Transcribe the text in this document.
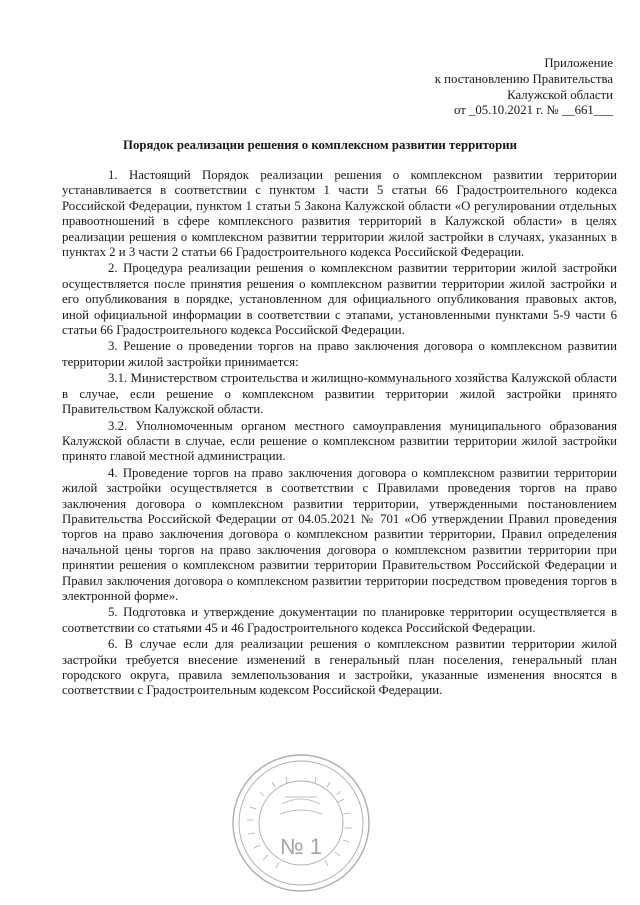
Приложение
к постановлению Правительства
Калужской области
от _05.10.2021 г. № __661___
Порядок реализации решения о комплексном развитии территории

1. Настоящий Порядок реализации решения о комплексном развитии территории устанавливается в соответствии с пунктом 1 части 5 статьи 66 Градостроительного кодекса Российской Федерации, пунктом 1 статьи 5 Закона Калужской области «О регулировании отдельных правоотношений в сфере комплексного развития территорий в Калужской области» в целях реализации решения о комплексном развитии территории жилой застройки в случаях, указанных в пунктах 2 и 3 части 2 статьи 66 Градостроительного кодекса Российской Федерации.

2. Процедура реализации решения о комплексном развитии территории жилой застройки осуществляется после принятия решения о комплексном развитии территории жилой застройки и его опубликования в порядке, установленном для официального опубликования правовых актов, иной официальной информации в соответствии с этапами, установленными пунктами 5-9 части 6 статьи 66 Градостроительного кодекса Российской Федерации.

3. Решение о проведении торгов на право заключения договора о комплексном развитии территории жилой застройки принимается:

3.1. Министерством строительства и жилищно-коммунального хозяйства Калужской области в случае, если решение о комплексном развитии территории жилой застройки принято Правительством Калужской области.

3.2. Уполномоченным органом местного самоуправления муниципального образования Калужской области в случае, если решение о комплексном развитии территории жилой застройки принято главой местной администрации.

4. Проведение торгов на право заключения договора о комплексном развитии территории жилой застройки осуществляется в соответствии с Правилами проведения торгов на право заключения договора о комплексном развитии территории, утвержденными постановлением Правительства Российской Федерации от 04.05.2021 № 701 «Об утверждении Правил проведения торгов на право заключения договора о комплексном развитии территории, Правил определения начальной цены торгов на право заключения договора о комплексном развитии территории при принятии решения о комплексном развитии территории Правительством Российской Федерации и Правил заключения договора о комплексном развитии территории посредством проведения торгов в электронной форме».

5. Подготовка и утверждение документации по планировке территории осуществляется в соответствии со статьями 45 и 46 Градостроительного кодекса Российской Федерации.

6. В случае если для реализации решения о комплексном развитии территории жилой застройки требуется внесение изменений в генеральный план поселения, генеральный план городского округа, правила землепользования и застройки, указанные изменения вносятся в соответствии с Градостроительным кодексом Российской Федерации.

№ 1
